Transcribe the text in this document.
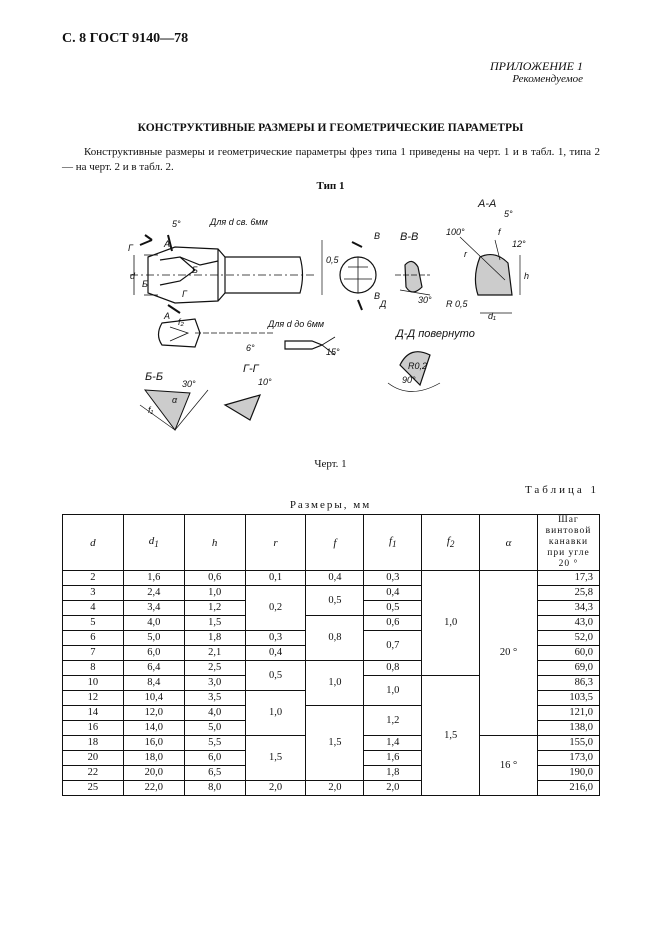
С. 8 ГОСТ 9140—78
ПРИЛОЖЕНИЕ 1
Рекомендуемое
КОНСТРУКТИВНЫЕ РАЗМЕРЫ И ГЕОМЕТРИЧЕСКИЕ ПАРАМЕТРЫ
Конструктивные размеры и геометрические параметры фрез типа 1 приведены на черт. 1 и в табл. 1, типа 2 — на черт. 2 и в табл. 2.
Тип 1
Для d св. 6мм
Для d до 6мм
А-А
В-В
Б-Б
Г-Г
Д-Д повернуто
5°
5°
6°	15°
30°
30°
10°
12°
100°
90°
R 0,5
R0,2
0,5
d
d₁
f
f₁
f₂
h
r
α
А
А
Б
Б
В
В
Г
Г
Д
Черт. 1
Таблица 1
Размеры, мм
d	$d_1$	h	r	f	$f_1$	$f_2$	α	Шаг
винтовой
канавки
при угле 20 °
2	1,6	0,6	0,1	0,4	0,3	1,0	20 °	17,3
3	2,4	1,0	0,2	0,5	0,4			25,8
4	3,4	1,2			0,5			34,3
5	4,0	1,5		0,8	0,6			43,0
6	5,0	1,8	0,3		0,7			52,0
7	6,0	2,1	0,4					60,0
8	6,4	2,5	0,5	1,0	0,8			69,0
10	8,4	3,0			1,0	1,5		86,3
12	10,4	3,5	1,0					103,5
14	12,0	4,0		1,5	1,2			121,0
16	14,0	5,0						138,0
18	16,0	5,5	1,5		1,4		16 °	155,0
20	18,0	6,0			1,6			173,0
22	20,0	6,5			1,8			190,0
25	22,0	8,0	2,0	2,0	2,0			216,0
